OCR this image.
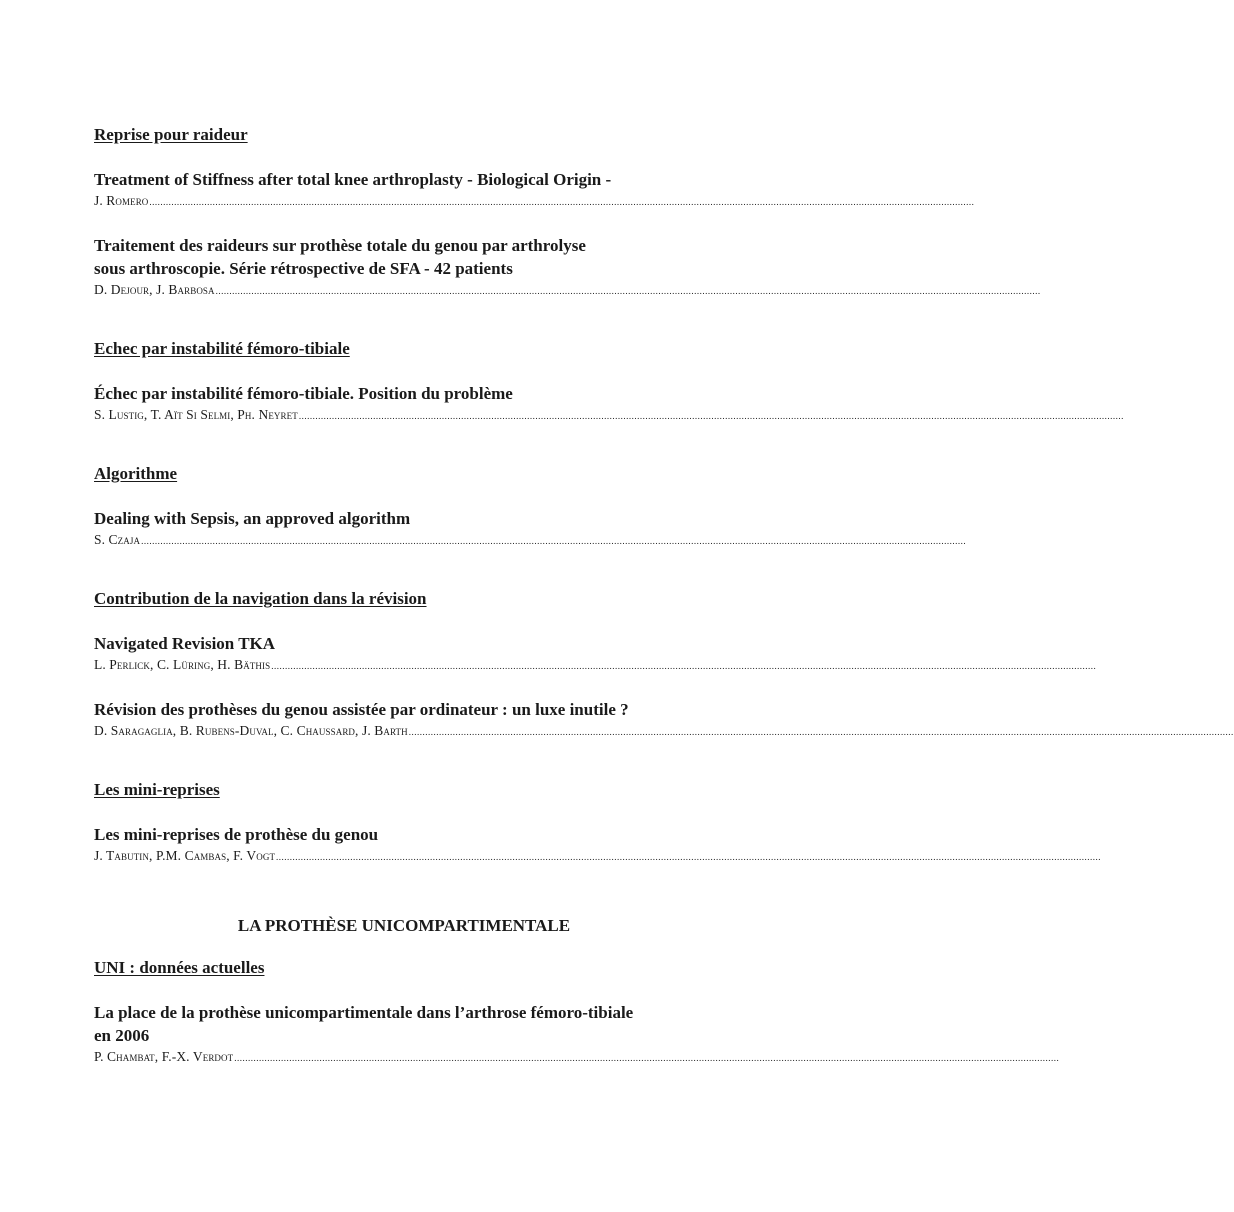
Reprise pour raideur
Treatment of Stiffness after total knee arthroplasty - Biological Origin -
J. Romero ............................................................................................................................................................................................................................................................................................................
Traitement des raideurs sur prothèse totale du genou par arthrolyse
sous arthroscopie. Série rétrospective de SFA - 42 patients
D. Dejour, J. Barbosa ............................................................................................................................................................................................................................................................................................................
Echec par instabilité fémoro-tibiale
Échec par instabilité fémoro-tibiale. Position du problème
S. Lustig, T. Aït Si Selmi, Ph. Neyret ............................................................................................................................................................................................................................................................................................................
Algorithme
Dealing with Sepsis, an approved algorithm
S. Czaja ............................................................................................................................................................................................................................................................................................................
Contribution de la navigation dans la révision
Navigated Revision TKA
L. Perlick, C. Lüring, H. Bäthis ............................................................................................................................................................................................................................................................................................................
Révision des prothèses du genou assistée par ordinateur : un luxe inutile ?
D. Saragaglia, B. Rubens-Duval, C. Chaussard, J. Barth ............................................................................................................................................................................................................................................................................................................
Les mini-reprises
Les mini-reprises de prothèse du genou
J. Tabutin, P.M. Cambas, F. Vogt ............................................................................................................................................................................................................................................................................................................
LA PROTHÈSE UNICOMPARTIMENTALE
UNI : données actuelles
La place de la prothèse unicompartimentale dans l’arthrose fémoro-tibiale
en 2006
P. Chambat, F.-X. Verdot ............................................................................................................................................................................................................................................................................................................
